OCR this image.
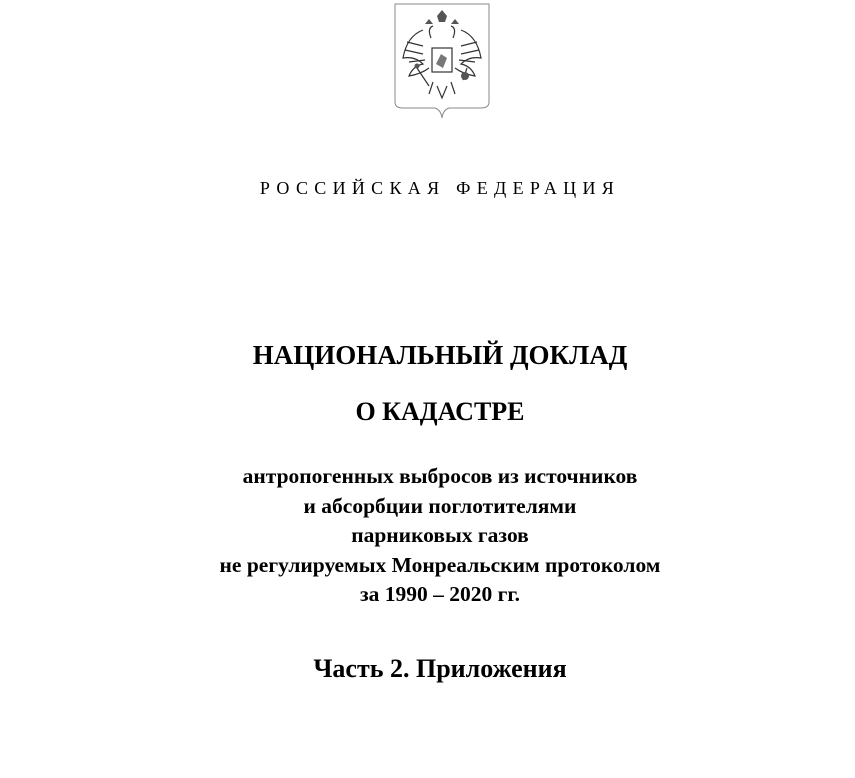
РОССИЙСКАЯ ФЕДЕРАЦИЯ
НАЦИОНАЛЬНЫЙ ДОКЛАД
О КАДАСТРЕ
антропогенных выбросов из источников
и абсорбции поглотителями
парниковых газов
не регулируемых Монреальским протоколом
за 1990 – 2020 гг.
Часть 2. Приложения
